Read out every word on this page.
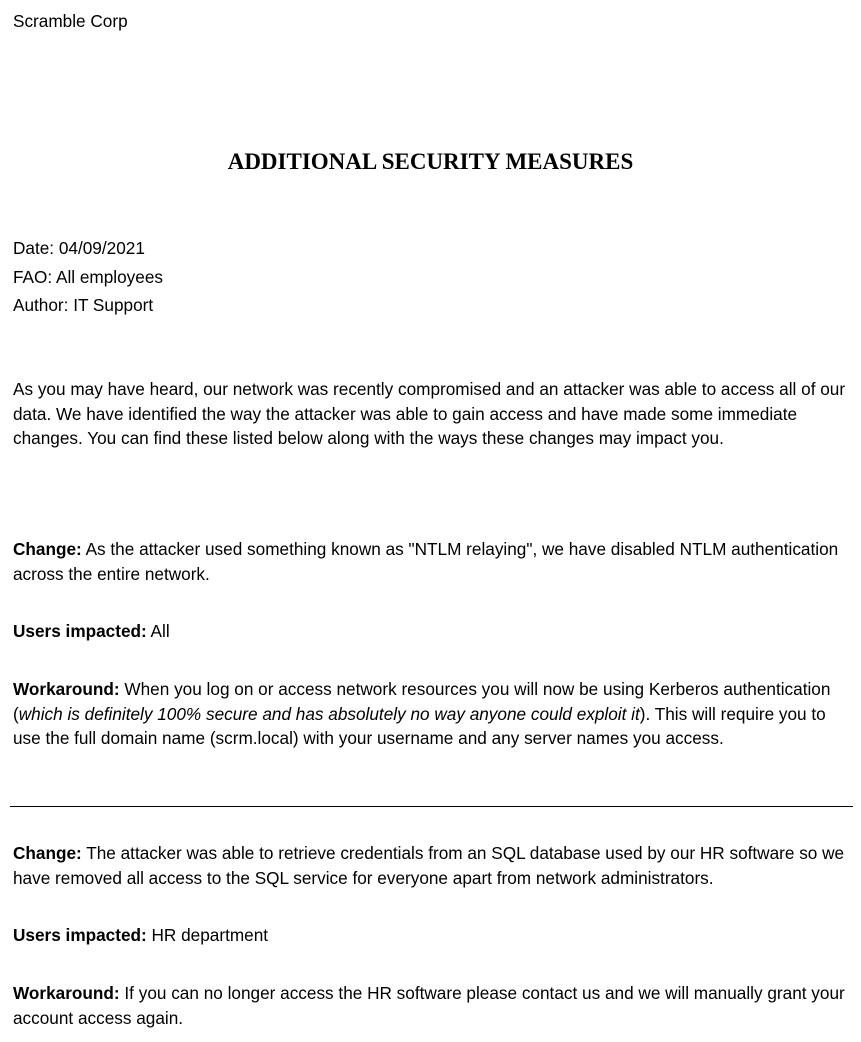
Scramble Corp

ADDITIONAL SECURITY MEASURES
Date: 04/09/2021
FAO: All employees
Author: IT Support

As you may have heard, our network was recently compromised and an attacker was able to access all of our data. We have identified the way the attacker was able to gain access and have made some immediate changes. You can find these listed below along with the ways these changes may impact you.

Change: As the attacker used something known as "NTLM relaying", we have disabled NTLM authentication across the entire network.

Users impacted: All

Workaround: When you log on or access network resources you will now be using Kerberos authentication (which is definitely 100% secure and has absolutely no way anyone could exploit it). This will require you to use the full domain name (scrm.local) with your username and any server names you access.

Change: The attacker was able to retrieve credentials from an SQL database used by our HR software so we have removed all access to the SQL service for everyone apart from network administrators.

Users impacted: HR department

Workaround: If you can no longer access the HR software please contact us and we will manually grant your account access again.
